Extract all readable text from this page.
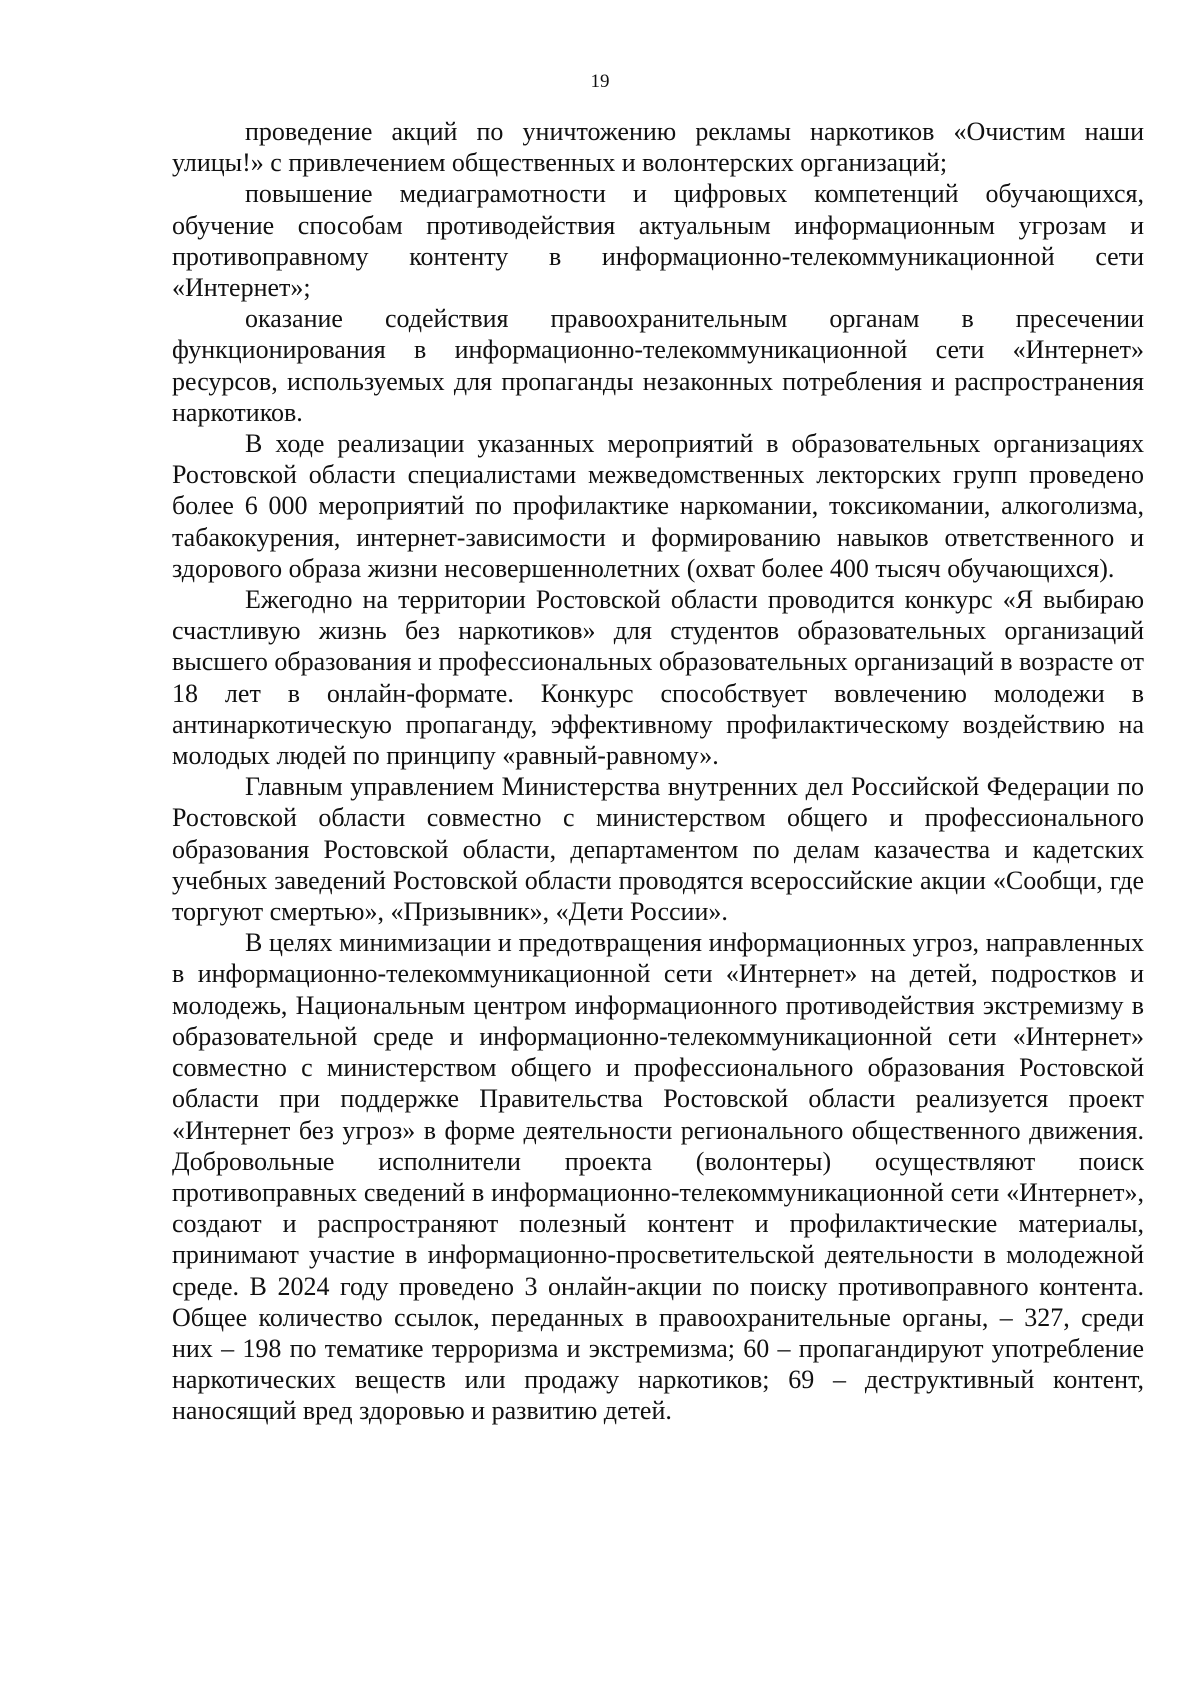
19

проведение акций по уничтожению рекламы наркотиков «Очистим наши улицы!» с привлечением общественных и волонтерских организаций;

повышение медиаграмотности и цифровых компетенций обучающихся, обучение способам противодействия актуальным информационным угрозам и противоправному контенту в информационно-телекоммуникационной сети «Интернет»;

оказание содействия правоохранительным органам в пресечении функционирования в информационно-телекоммуникационной сети «Интернет» ресурсов, используемых для пропаганды незаконных потребления и распространения наркотиков.

В ходе реализации указанных мероприятий в образовательных организациях Ростовской области специалистами межведомственных лекторских групп проведено более 6 000 мероприятий по профилактике наркомании, токсикомании, алкоголизма, табакокурения, интернет-зависимости и формированию навыков ответственного и здорового образа жизни несовершеннолетних (охват более 400 тысяч обучающихся).

Ежегодно на территории Ростовской области проводится конкурс «Я выбираю счастливую жизнь без наркотиков» для студентов образовательных организаций высшего образования и профессиональных образовательных организаций в возрасте от 18 лет в онлайн-формате. Конкурс способствует вовлечению молодежи в антинаркотическую пропаганду, эффективному профилактическому воздействию на молодых людей по принципу «равный-равному».

Главным управлением Министерства внутренних дел Российской Федерации по Ростовской области совместно с министерством общего и профессионального образования Ростовской области, департаментом по делам казачества и кадетских учебных заведений Ростовской области проводятся всероссийские акции «Сообщи, где торгуют смертью», «Призывник», «Дети России».

В целях минимизации и предотвращения информационных угроз, направленных в информационно-телекоммуникационной сети «Интернет» на детей, подростков и молодежь, Национальным центром информационного противодействия экстремизму в образовательной среде и информационно-телекоммуникационной сети «Интернет» совместно с министерством общего и профессионального образования Ростовской области при поддержке Правительства Ростовской области реализуется проект «Интернет без угроз» в форме деятельности регионального общественного движения. Добровольные исполнители проекта (волонтеры) осуществляют поиск противоправных сведений в информационно-телекоммуникационной сети «Интернет», создают и распространяют полезный контент и профилактические материалы, принимают участие в информационно-просветительской деятельности в молодежной среде. В 2024 году проведено 3 онлайн-акции по поиску противоправного контента. Общее количество ссылок, переданных в правоохранительные органы, – 327, среди них – 198 по тематике терроризма и экстремизма; 60 – пропагандируют употребление наркотических веществ или продажу наркотиков; 69 – деструктивный контент, наносящий вред здоровью и развитию детей.
